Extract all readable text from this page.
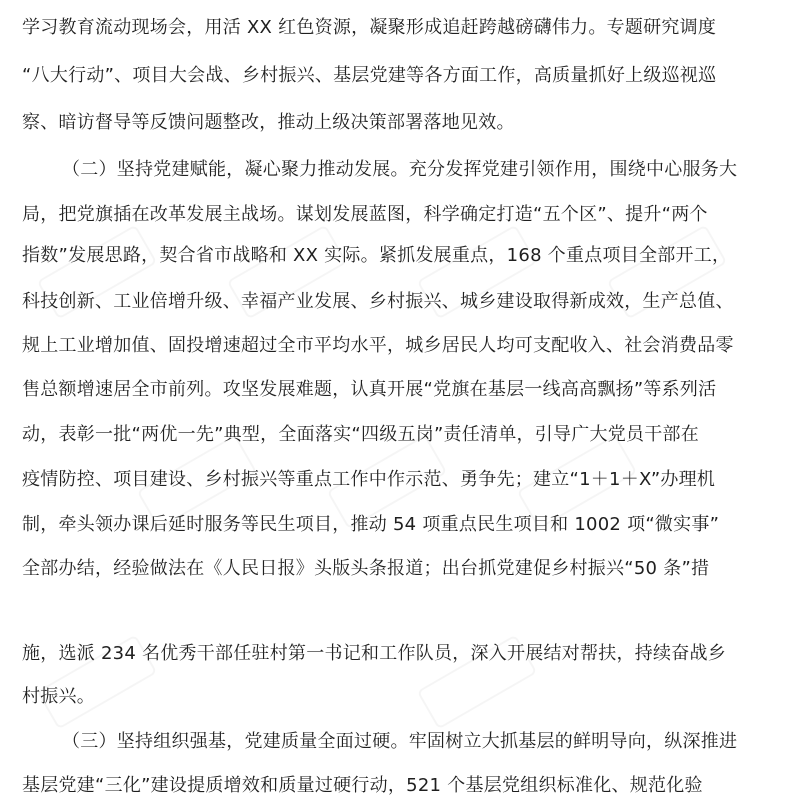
学习教育流动现场会，用活 XX 红色资源，凝聚形成追赶跨越磅礴伟力。专题研究调度
“八大行动”、项目大会战、乡村振兴、基层党建等各方面工作，高质量抓好上级巡视巡
察、暗访督导等反馈问题整改，推动上级决策部署落地见效。
（二）坚持党建赋能，凝心聚力推动发展。充分发挥党建引领作用，围绕中心服务大
局，把党旗插在改革发展主战场。谋划发展蓝图，科学确定打造“五个区”、提升“两个
指数”发展思路，契合省市战略和 XX 实际。紧抓发展重点，168 个重点项目全部开工，
科技创新、工业倍增升级、幸福产业发展、乡村振兴、城乡建设取得新成效，生产总值、
规上工业增加值、固投增速超过全市平均水平，城乡居民人均可支配收入、社会消费品零
售总额增速居全市前列。攻坚发展难题，认真开展“党旗在基层一线高高飘扬”等系列活
动，表彰一批“两优一先”典型，全面落实“四级五岗”责任清单，引导广大党员干部在
疫情防控、项目建设、乡村振兴等重点工作中作示范、勇争先；建立“1＋1＋X”办理机
制，牵头领办课后延时服务等民生项目，推动 54 项重点民生项目和 1002 项“微实事”
全部办结，经验做法在《人民日报》头版头条报道；出台抓党建促乡村振兴“50 条”措
施，选派 234 名优秀干部任驻村第一书记和工作队员，深入开展结对帮扶，持续奋战乡
村振兴。
（三）坚持组织强基，党建质量全面过硬。牢固树立大抓基层的鲜明导向，纵深推进
基层党建“三化”建设提质增效和质量过硬行动，521 个基层党组织标准化、规范化验
